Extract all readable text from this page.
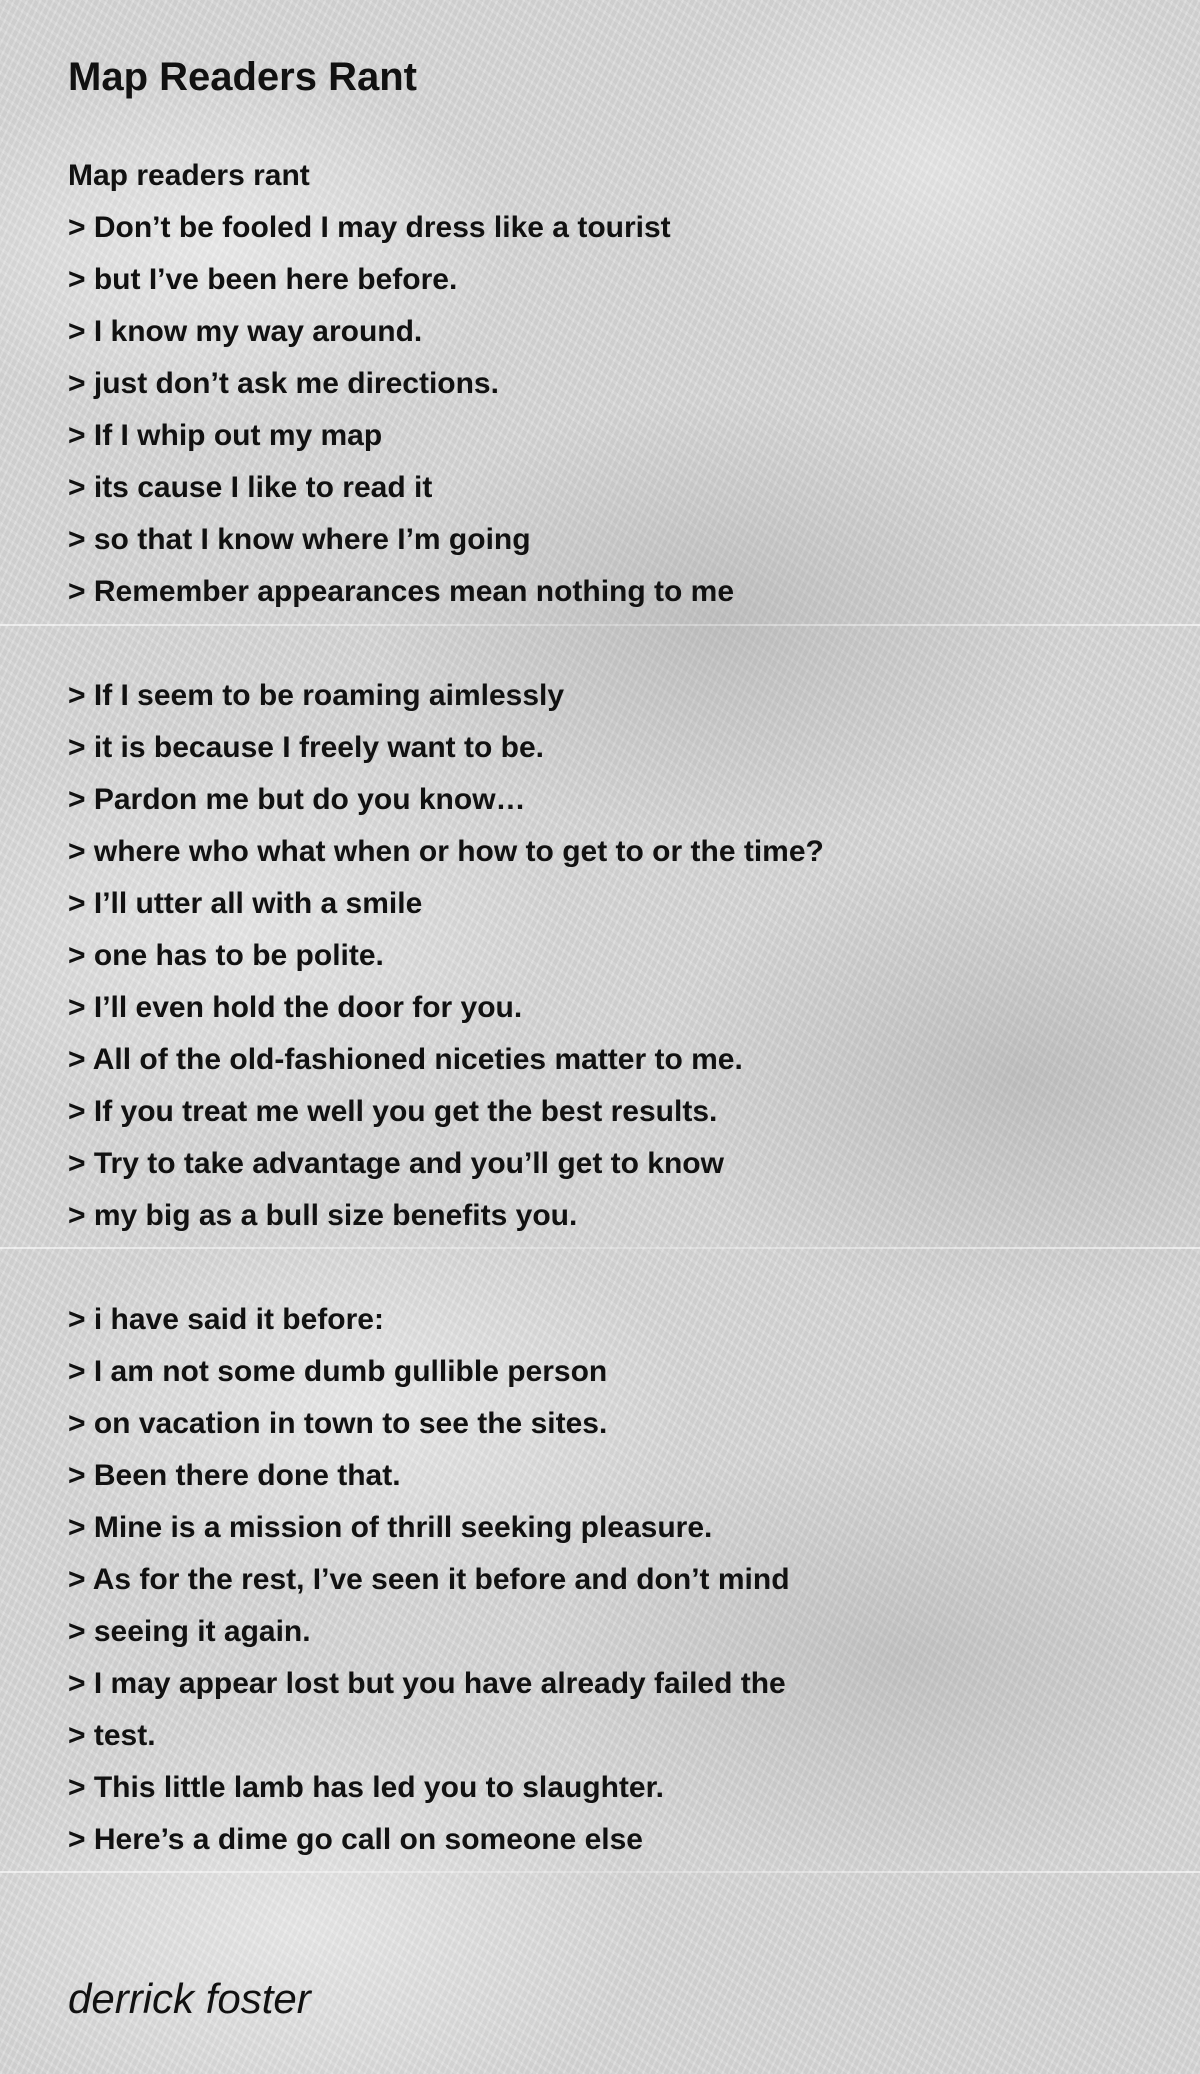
Map Readers Rant
Map readers rant
> Don’t be fooled I may dress like a tourist
> but I’ve been here before.
> I know my way around.
> just don’t ask me directions.
> If I whip out my map
> its cause I like to read it
> so that I know where I’m going
> Remember appearances mean nothing to me
> If I seem to be roaming aimlessly
> it is because I freely want to be.
> Pardon me but do you know…
> where who what when or how to get to or the time?
> I’ll utter all with a smile
> one has to be polite.
> I’ll even hold the door for you.
> All of the old-fashioned niceties matter to me.
> If you treat me well you get the best results.
> Try to take advantage and you’ll get to know
> my big as a bull size benefits you.
> i have said it before:
> I am not some dumb gullible person
> on vacation in town to see the sites.
> Been there done that.
> Mine is a mission of thrill seeking pleasure.
> As for the rest, I’ve seen it before and don’t mind
> seeing it again.
> I may appear lost but you have already failed the
> test.
> This little lamb has led you to slaughter.
> Here’s a dime go call on someone else
derrick foster
